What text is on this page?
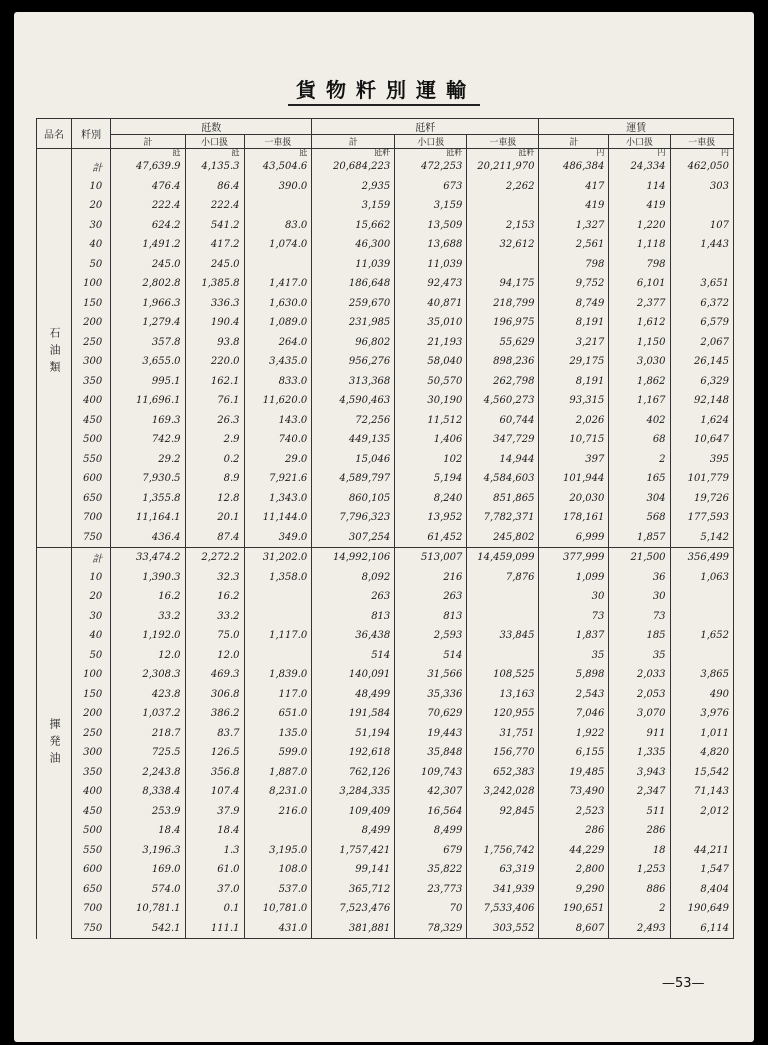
貨物粁別運輸
品名	粁別	瓩数			瓩粁			運賃		
		計	小口扱	一車扱	計	小口扱	一車扱	計	小口扱	一車扱
		瓩	瓩	瓩	瓩粁	瓩粁	瓩粁	円	円	円
石油類	計	47,639.9	4,135.3	43,504.6	20,684,223	472,253	20,211,970	486,384	24,334	462,050
	10	476.4	86.4	390.0	2,935	673	2,262	417	114	303
	20	222.4	222.4		3,159	3,159		419	419	
	30	624.2	541.2	83.0	15,662	13,509	2,153	1,327	1,220	107
	40	1,491.2	417.2	1,074.0	46,300	13,688	32,612	2,561	1,118	1,443
	50	245.0	245.0		11,039	11,039		798	798	
	100	2,802.8	1,385.8	1,417.0	186,648	92,473	94,175	9,752	6,101	3,651
	150	1,966.3	336.3	1,630.0	259,670	40,871	218,799	8,749	2,377	6,372
	200	1,279.4	190.4	1,089.0	231,985	35,010	196,975	8,191	1,612	6,579
	250	357.8	93.8	264.0	96,802	21,193	55,629	3,217	1,150	2,067
	300	3,655.0	220.0	3,435.0	956,276	58,040	898,236	29,175	3,030	26,145
	350	995.1	162.1	833.0	313,368	50,570	262,798	8,191	1,862	6,329
	400	11,696.1	76.1	11,620.0	4,590,463	30,190	4,560,273	93,315	1,167	92,148
	450	169.3	26.3	143.0	72,256	11,512	60,744	2,026	402	1,624
	500	742.9	2.9	740.0	449,135	1,406	347,729	10,715	68	10,647
	550	29.2	0.2	29.0	15,046	102	14,944	397	2	395
	600	7,930.5	8.9	7,921.6	4,589,797	5,194	4,584,603	101,944	165	101,779
	650	1,355.8	12.8	1,343.0	860,105	8,240	851,865	20,030	304	19,726
	700	11,164.1	20.1	11,144.0	7,796,323	13,952	7,782,371	178,161	568	177,593
	750	436.4	87.4	349.0	307,254	61,452	245,802	6,999	1,857	5,142
揮発油	計	33,474.2	2,272.2	31,202.0	14,992,106	513,007	14,459,099	377,999	21,500	356,499
	10	1,390.3	32.3	1,358.0	8,092	216	7,876	1,099	36	1,063
	20	16.2	16.2		263	263		30	30	
	30	33.2	33.2		813	813		73	73	
	40	1,192.0	75.0	1,117.0	36,438	2,593	33,845	1,837	185	1,652
	50	12.0	12.0		514	514		35	35	
	100	2,308.3	469.3	1,839.0	140,091	31,566	108,525	5,898	2,033	3,865
	150	423.8	306.8	117.0	48,499	35,336	13,163	2,543	2,053	490
	200	1,037.2	386.2	651.0	191,584	70,629	120,955	7,046	3,070	3,976
	250	218.7	83.7	135.0	51,194	19,443	31,751	1,922	911	1,011
	300	725.5	126.5	599.0	192,618	35,848	156,770	6,155	1,335	4,820
	350	2,243.8	356.8	1,887.0	762,126	109,743	652,383	19,485	3,943	15,542
	400	8,338.4	107.4	8,231.0	3,284,335	42,307	3,242,028	73,490	2,347	71,143
	450	253.9	37.9	216.0	109,409	16,564	92,845	2,523	511	2,012
	500	18.4	18.4		8,499	8,499		286	286	
	550	3,196.3	1.3	3,195.0	1,757,421	679	1,756,742	44,229	18	44,211
	600	169.0	61.0	108.0	99,141	35,822	63,319	2,800	1,253	1,547
	650	574.0	37.0	537.0	365,712	23,773	341,939	9,290	886	8,404
	700	10,781.1	0.1	10,781.0	7,523,476	70	7,533,406	190,651	2	190,649
	750	542.1	111.1	431.0	381,881	78,329	303,552	8,607	2,493	6,114
—53—
